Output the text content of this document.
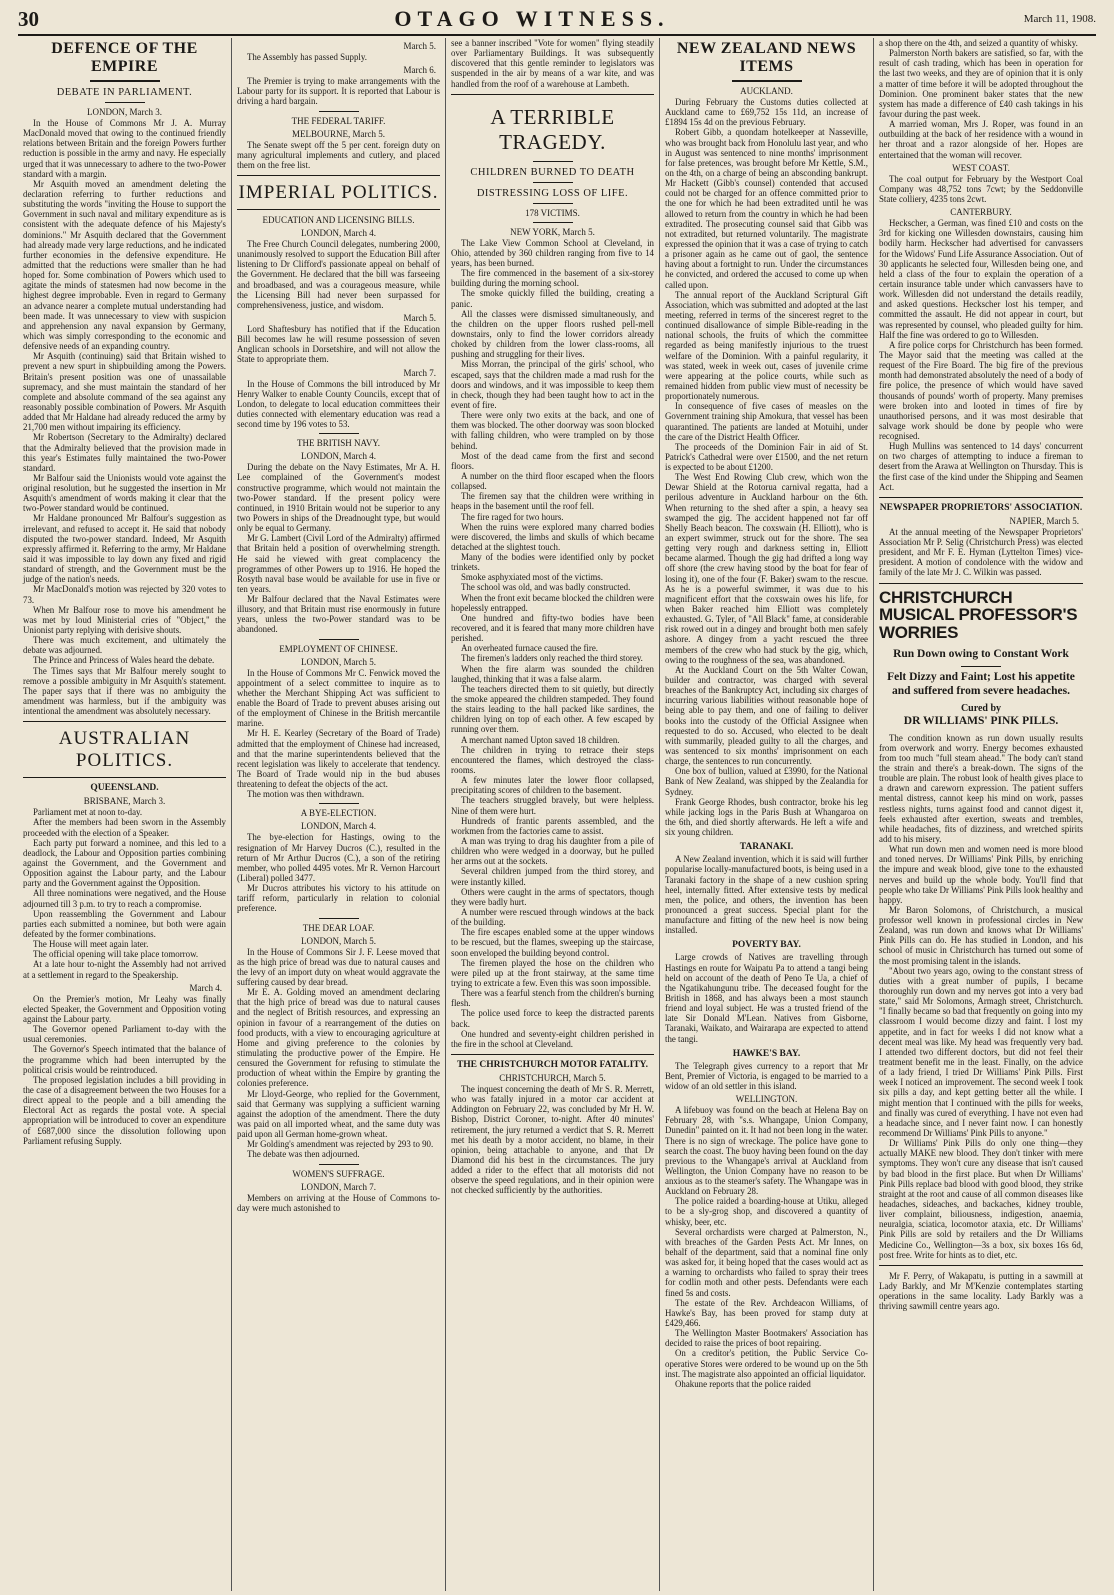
30	OTAGO WITNESS.	March 11, 1908.
DEFENCE OF THE EMPIRE
DEBATE IN PARLIAMENT.
LONDON, March 3.

In the House of Commons Mr J. A. Murray MacDonald moved that owing to the continued friendly relations between Britain and the foreign Powers further reduction is possible in the army and navy. He especially urged that it was unnecessary to adhere to the two-Power standard with a margin.

Mr Asquith moved an amendment deleting the declaration referring to further reductions and substituting the words "inviting the House to support the Government in such naval and military expenditure as is consistent with the adequate defence of his Majesty's dominions." Mr Asquith declared that the Government had already made very large reductions, and he indicated further economies in the defensive expenditure. He admitted that the reductions were smaller than he had hoped for. Some combination of Powers which used to agitate the minds of statesmen had now become in the highest degree improbable. Even in regard to Germany an advance nearer a complete mutual understanding had been made. It was unnecessary to view with suspicion and apprehension any naval expansion by Germany, which was simply corresponding to the economic and defensive needs of an expanding country.

Mr Asquith (continuing) said that Britain wished to prevent a new spurt in shipbuilding among the Powers. Britain's present position was one of unassailable supremacy, and she must maintain the standard of her complete and absolute command of the sea against any reasonably possible combination of Powers. Mr Asquith added that Mr Haldane had already reduced the army by 21,700 men without impairing its efficiency.

Mr Robertson (Secretary to the Admiralty) declared that the Admiralty believed that the provision made in this year's Estimates fully maintained the two-Power standard.

Mr Balfour said the Unionists would vote against the original resolution, but he suggested the insertion in Mr Asquith's amendment of words making it clear that the two-Power standard would be continued.

Mr Haldane pronounced Mr Balfour's suggestion as irrelevant, and refused to accept it. He said that nobody disputed the two-power standard. Indeed, Mr Asquith expressly affirmed it. Referring to the army, Mr Haldane said it was impossible to lay down any fixed and rigid standard of strength, and the Government must be the judge of the nation's needs.

Mr MacDonald's motion was rejected by 320 votes to 73.

When Mr Balfour rose to move his amendment he was met by loud Ministerial cries of "Object," the Unionist party replying with derisive shouts.

There was much excitement, and ultimately the debate was adjourned.

The Prince and Princess of Wales heard the debate.

The Times says that Mr Balfour merely sought to remove a possible ambiguity in Mr Asquith's statement. The paper says that if there was no ambiguity the amendment was harmless, but if the ambiguity was intentional the amendment was absolutely necessary.

AUSTRALIAN POLITICS.
QUEENSLAND.
BRISBANE, March 3.

Parliament met at noon to-day.

After the members had been sworn in the Assembly proceeded with the election of a Speaker.

Each party put forward a nominee, and this led to a deadlock, the Labour and Opposition parties combining against the Government, and the Government and Opposition against the Labour party, and the Labour party and the Government against the Opposition.

All three nominations were negatived, and the House adjourned till 3 p.m. to try to reach a compromise.

Upon reassembling the Government and Labour parties each submitted a nominee, but both were again defeated by the former combinations.

The House will meet again later.

The official opening will take place tomorrow.

At a late hour to-night the Assembly had not arrived at a settlement in regard to the Speakership.

March 4.

On the Premier's motion, Mr Leahy was finally elected Speaker, the Government and Opposition voting against the Labour party.

The Governor opened Parliament to-day with the usual ceremonies.

The Governor's Speech intimated that the balance of the programme which had been interrupted by the political crisis would be reintroduced.

The proposed legislation includes a bill providing in the case of a disagreement between the two Houses for a direct appeal to the people and a bill amending the Electoral Act as regards the postal vote. A special appropriation will be introduced to cover an expenditure of £687,000 since the dissolution following upon Parliament refusing Supply.

March 5.

The Assembly has passed Supply.

March 6.

The Premier is trying to make arrangements with the Labour party for its support. It is reported that Labour is driving a hard bargain.

THE FEDERAL TARIFF.
MELBOURNE, March 5.

The Senate swept off the 5 per cent. foreign duty on many agricultural implements and cutlery, and placed them on the free list.

IMPERIAL POLITICS.
EDUCATION AND LICENSING BILLS.
LONDON, March 4.

The Free Church Council delegates, numbering 2000, unanimously resolved to support the Education Bill after listening to Dr Clifford's passionate appeal on behalf of the Government. He declared that the bill was farseeing and broadbased, and was a courageous measure, while the Licensing Bill had never been surpassed for comprehensiveness, justice, and wisdom.

March 5.

Lord Shaftesbury has notified that if the Education Bill becomes law he will resume possession of seven Anglican schools in Dorsetshire, and will not allow the State to appropriate them.

March 7.

In the House of Commons the bill introduced by Mr Henry Walker to enable County Councils, except that of London, to delegate to local education committees their duties connected with elementary education was read a second time by 196 votes to 53.

THE BRITISH NAVY.
LONDON, March 4.

During the debate on the Navy Estimates, Mr A. H. Lee complained of the Government's modest constructive programme, which would not maintain the two-Power standard. If the present policy were continued, in 1910 Britain would not be superior to any two Powers in ships of the Dreadnought type, but would only be equal to Germany.

Mr G. Lambert (Civil Lord of the Admiralty) affirmed that Britain held a position of overwhelming strength. He said he viewed with great complacency the programmes of other Powers up to 1916. He hoped the Rosyth naval base would be available for use in five or ten years.

Mr Balfour declared that the Naval Estimates were illusory, and that Britain must rise enormously in future years, unless the two-Power standard was to be abandoned.

EMPLOYMENT OF CHINESE.
LONDON, March 5.

In the House of Commons Mr C. Fenwick moved the appointment of a select committee to inquire as to whether the Merchant Shipping Act was sufficient to enable the Board of Trade to prevent abuses arising out of the employment of Chinese in the British mercantile marine.

Mr H. E. Kearley (Secretary of the Board of Trade) admitted that the employment of Chinese had increased, and that the marine superintendents believed that the recent legislation was likely to accelerate that tendency. The Board of Trade would nip in the bud abuses threatening to defeat the objects of the act.

The motion was then withdrawn.

A BYE-ELECTION.
LONDON, March 4.

The bye-election for Hastings, owing to the resignation of Mr Harvey Ducros (C.), resulted in the return of Mr Arthur Ducros (C.), a son of the retiring member, who polled 4495 votes. Mr R. Vernon Harcourt (Liberal) polled 3477.

Mr Ducros attributes his victory to his attitude on tariff reform, particularly in relation to colonial preference.

THE DEAR LOAF.
LONDON, March 5.

In the House of Commons Sir J. F. Leese moved that as the high price of bread was due to natural causes and the levy of an import duty on wheat would aggravate the suffering caused by dear bread.

Mr E. A. Golding moved an amendment declaring that the high price of bread was due to natural causes and the neglect of British resources, and expressing an opinion in favour of a rearrangement of the duties on food products, with a view to encouraging agriculture at Home and giving preference to the colonies by stimulating the productive power of the Empire. He censured the Government for refusing to stimulate the production of wheat within the Empire by granting the colonies preference.

Mr Lloyd-George, who replied for the Government, said that Germany was supplying a sufficient warning against the adoption of the amendment. There the duty was paid on all imported wheat, and the same duty was paid upon all German home-grown wheat.

Mr Golding's amendment was rejected by 293 to 90.

The debate was then adjourned.

WOMEN'S SUFFRAGE.
LONDON, March 7.

Members on arriving at the House of Commons to-day were much astonished to

see a banner inscribed "Vote for women" flying steadily over Parliamentary Buildings. It was subsequently discovered that this gentle reminder to legislators was suspended in the air by means of a war kite, and was handled from the roof of a warehouse at Lambeth.

A TERRIBLE TRAGEDY.
CHILDREN BURNED TO DEATH
DISTRESSING LOSS OF LIFE.
178 VICTIMS.
NEW YORK, March 5.

The Lake View Common School at Cleveland, in Ohio, attended by 360 children ranging from five to 14 years, has been burned.

The fire commenced in the basement of a six-storey building during the morning school.

The smoke quickly filled the building, creating a panic.

All the classes were dismissed simultaneously, and the children on the upper floors rushed pell-mell downstairs, only to find the lower corridors already choked by children from the lower class-rooms, all pushing and struggling for their lives.

Miss Morran, the principal of the girls' school, who escaped, says that the children made a mad rush for the doors and windows, and it was impossible to keep them in check, though they had been taught how to act in the event of fire.

There were only two exits at the back, and one of them was blocked. The other doorway was soon blocked with falling children, who were trampled on by those behind.

Most of the dead came from the first and second floors.

A number on the third floor escaped when the floors collapsed.

The firemen say that the children were writhing in heaps in the basement until the roof fell.

The fire raged for two hours.

When the ruins were explored many charred bodies were discovered, the limbs and skulls of which became detached at the slightest touch.

Many of the bodies were identified only by pocket trinkets.

Smoke asphyxiated most of the victims.

The school was old, and was badly constructed.

When the front exit became blocked the children were hopelessly entrapped.

One hundred and fifty-two bodies have been recovered, and it is feared that many more children have perished.

An overheated furnace caused the fire.

The firemen's ladders only reached the third storey.

When the fire alarm was sounded the children laughed, thinking that it was a false alarm.

The teachers directed them to sit quietly, but directly the smoke appeared the children stampeded. They found the stairs leading to the hall packed like sardines, the children lying on top of each other. A few escaped by running over them.

A merchant named Upton saved 18 children.

The children in trying to retrace their steps encountered the flames, which destroyed the class-rooms.

A few minutes later the lower floor collapsed, precipitating scores of children to the basement.

The teachers struggled bravely, but were helpless. Nine of them were hurt.

Hundreds of frantic parents assembled, and the workmen from the factories came to assist.

A man was trying to drag his daughter from a pile of children who were wedged in a doorway, but he pulled her arms out at the sockets.

Several children jumped from the third storey, and were instantly killed.

Others were caught in the arms of spectators, though they were badly hurt.

A number were rescued through windows at the back of the building.

The fire escapes enabled some at the upper windows to be rescued, but the flames, sweeping up the staircase, soon enveloped the building beyond control.

The firemen played the hose on the children who were piled up at the front stairway, at the same time trying to extricate a few. Even this was soon impossible.

There was a fearful stench from the children's burning flesh.

The police used force to keep the distracted parents back.

One hundred and seventy-eight children perished in the fire in the school at Cleveland.

THE CHRISTCHURCH MOTOR FATALITY.
CHRISTCHURCH, March 5.

The inquest concerning the death of Mr S. R. Merrett, who was fatally injured in a motor car accident at Addington on February 22, was concluded by Mr H. W. Bishop, District Coroner, to-night. After 40 minutes' retirement, the jury returned a verdict that S. R. Merrett met his death by a motor accident, no blame, in their opinion, being attachable to anyone, and that Dr Diamond did his best in the circumstances. The jury added a rider to the effect that all motorists did not observe the speed regulations, and in their opinion were not checked sufficiently by the authorities.

NEW ZEALAND NEWS ITEMS
AUCKLAND.

During February the Customs duties collected at Auckland came to £69,752 15s 11d, an increase of £1894 15s 4d on the previous February.

Robert Gibb, a quondam hotelkeeper at Nasseville, who was brought back from Honolulu last year, and who in August was sentenced to nine months' imprisonment for false pretences, was brought before Mr Kettle, S.M., on the 4th, on a charge of being an absconding bankrupt. Mr Hackett (Gibb's counsel) contended that accused could not be charged for an offence committed prior to the one for which he had been extradited until he was allowed to return from the country in which he had been extradited. The prosecuting counsel said that Gibb was not extradited, but returned voluntarily. The magistrate expressed the opinion that it was a case of trying to catch a prisoner again as he came out of gaol, the sentence having about a fortnight to run. Under the circumstances he convicted, and ordered the accused to come up when called upon.

The annual report of the Auckland Scriptural Gift Association, which was submitted and adopted at the last meeting, referred in terms of the sincerest regret to the continued disallowance of simple Bible-reading in the national schools, the fruits of which the committee regarded as being manifestly injurious to the truest welfare of the Dominion. With a painful regularity, it was stated, week in week out, cases of juvenile crime were appearing at the police courts, while such as remained hidden from public view must of necessity be proportionately numerous.

In consequence of five cases of measles on the Government training ship Amokura, that vessel has been quarantined. The patients are landed at Motuihi, under the care of the District Health Officer.

The proceeds of the Dominion Fair in aid of St. Patrick's Cathedral were over £1500, and the net return is expected to be about £1200.

The West End Rowing Club crew, which won the Dewar Shield at the Rotorua carnival regatta, had a perilous adventure in Auckland harbour on the 6th. When returning to the shed after a spin, a heavy sea swamped the gig. The accident happened not far off Shelly Beach beacon. The coxswain (H. Elliott), who is an expert swimmer, struck out for the shore. The sea getting very rough and darkness setting in, Elliott became alarmed. Though the gig had drifted a long way off shore (the crew having stood by the boat for fear of losing it), one of the four (F. Baker) swam to the rescue. As he is a powerful swimmer, it was due to his magnificent effort that the coxswain owes his life, for when Baker reached him Elliott was completely exhausted. G. Tyler, of "All Black" fame, at considerable risk rowed out in a dingey and brought both men safely ashore. A dingey from a yacht rescued the three members of the crew who had stuck by the gig, which, owing to the roughness of the sea, was abandoned.

At the Auckland Court on the 5th Walter Cowan, builder and contractor, was charged with several breaches of the Bankruptcy Act, including six charges of incurring various liabilities without reasonable hope of being able to pay them, and one of failing to deliver books into the custody of the Official Assignee when requested to do so. Accused, who elected to be dealt with summarily, pleaded guilty to all the charges, and was sentenced to six months' imprisonment on each charge, the sentences to run concurrently.

One box of bullion, valued at £3990, for the National Bank of New Zealand, was shipped by the Zealandia for Sydney.

Frank George Rhodes, bush contractor, broke his leg while jacking logs in the Paris Bush at Whangaroa on the 6th, and died shortly afterwards. He left a wife and six young children.

TARANAKI.

A New Zealand invention, which it is said will further popularise locally-manufactured boots, is being used in a Taranaki factory in the shape of a new cushion spring heel, internally fitted. After extensive tests by medical men, the police, and others, the invention has been pronounced a great success. Special plant for the manufacture and fitting of the new heel is now being installed.

POVERTY BAY.

Large crowds of Natives are travelling through Hastings en route for Waipatu Pa to attend a tangi being held on account of the death of Peno Te Ua, a chief of the Ngatikahungunu tribe. The deceased fought for the British in 1868, and has always been a most staunch friend and loyal subject. He was a trusted friend of the late Sir Donald M'Lean. Natives from Gisborne, Taranaki, Waikato, and Wairarapa are expected to attend the tangi.

HAWKE'S BAY.

The Telegraph gives currency to a report that Mr Bent, Premier of Victoria, is engaged to be married to a widow of an old settler in this island.

WELLINGTON.

A lifebuoy was found on the beach at Helena Bay on February 28, with "s.s. Whangape, Union Company, Dunedin" painted on it. It had not been long in the water. There is no sign of wreckage. The police have gone to search the coast. The buoy having been found on the day previous to the Whangape's arrival at Auckland from Wellington, the Union Company have no reason to be anxious as to the steamer's safety. The Whangape was in Auckland on February 28.

The police raided a boarding-house at Utiku, alleged to be a sly-grog shop, and discovered a quantity of whisky, beer, etc.

Several orchardists were charged at Palmerston, N., with breaches of the Garden Pests Act. Mr Innes, on behalf of the department, said that a nominal fine only was asked for, it being hoped that the cases would act as a warning to orchardists who failed to spray their trees for codlin moth and other pests. Defendants were each fined 5s and costs.

The estate of the Rev. Archdeacon Williams, of Hawke's Bay, has been proved for stamp duty at £429,466.

The Wellington Master Bootmakers' Association has decided to raise the prices of boot repairing.

On a creditor's petition, the Public Service Co-operative Stores were ordered to be wound up on the 5th inst. The magistrate also appointed an official liquidator.

Ohakune reports that the police raided

a shop there on the 4th, and seized a quantity of whisky.

Palmerston North bakers are satisfied, so far, with the result of cash trading, which has been in operation for the last two weeks, and they are of opinion that it is only a matter of time before it will be adopted throughout the Dominion. One prominent baker states that the new system has made a difference of £40 cash takings in his favour during the past week.

A married woman, Mrs J. Roper, was found in an outbuilding at the back of her residence with a wound in her throat and a razor alongside of her. Hopes are entertained that the woman will recover.

WEST COAST.

The coal output for February by the Westport Coal Company was 48,752 tons 7cwt; by the Seddonville State colliery, 4235 tons 2cwt.

CANTERBURY.

Heckscher, a German, was fined £10 and costs on the 3rd for kicking one Willesden downstairs, causing him bodily harm. Heckscher had advertised for canvassers for the Widows' Fund Life Assurance Association. Out of 30 applicants he selected four, Willesden being one, and held a class of the four to explain the operation of a certain insurance table under which canvassers have to work. Willesden did not understand the details readily, and asked questions. Heckscher lost his temper, and committed the assault. He did not appear in court, but was represented by counsel, who pleaded guilty for him. Half the fine was ordered to go to Willesden.

A fire police corps for Christchurch has been formed. The Mayor said that the meeting was called at the request of the Fire Board. The big fire of the previous month had demonstrated absolutely the need of a body of fire police, the presence of which would have saved thousands of pounds' worth of property. Many premises were broken into and looted in times of fire by unauthorised persons, and it was most desirable that salvage work should be done by people who were recognised.

Hugh Mullins was sentenced to 14 days' concurrent on two charges of attempting to induce a fireman to desert from the Arawa at Wellington on Thursday. This is the first case of the kind under the Shipping and Seamen Act.

NEWSPAPER PROPRIETORS' ASSOCIATION.
NAPIER, March 5.

At the annual meeting of the Newspaper Proprietors' Association Mr P. Selig (Christchurch Press) was elected president, and Mr F. E. Hyman (Lyttelton Times) vice-president. A motion of condolence with the widow and family of the late Mr J. C. Wilkin was passed.

CHRISTCHURCH MUSICAL PROFESSOR'S WORRIES
Run Down owing to Constant Work
Felt Dizzy and Faint; Lost his appetite and suffered from severe headaches.
Cured by
DR WILLIAMS' PINK PILLS.

The condition known as run down usually results from overwork and worry. Energy becomes exhausted from too much "full steam ahead." The body can't stand the strain and there's a break-down. The signs of the trouble are plain. The robust look of health gives place to a drawn and careworn expression. The patient suffers mental distress, cannot keep his mind on work, passes restless nights, turns against food and cannot digest it, feels exhausted after exertion, sweats and trembles, while headaches, fits of dizziness, and wretched spirits add to his misery.

What run down men and women need is more blood and toned nerves. Dr Williams' Pink Pills, by enriching the impure and weak blood, give tone to the exhausted nerves and build up the whole body. You'll find that people who take Dr Williams' Pink Pills look healthy and happy.

Mr Baron Solomons, of Christchurch, a musical professor well known in professional circles in New Zealand, was run down and knows what Dr Williams' Pink Pills can do. He has studied in London, and his school of music in Christchurch has turned out some of the most promising talent in the islands.

"About two years ago, owing to the constant stress of duties with a great number of pupils, I became thoroughly run down and my nerves got into a very bad state," said Mr Solomons, Armagh street, Christchurch. "I finally became so bad that frequently on going into my classroom I would become dizzy and faint. I lost my appetite, and in fact for weeks I did not know what a decent meal was like. My head was frequently very bad. I attended two different doctors, but did not feel their treatment benefit me in the least. Finally, on the advice of a lady friend, I tried Dr Williams' Pink Pills. First week I noticed an improvement. The second week I took six pills a day, and kept getting better all the while. I might mention that I continued with the pills for weeks, and finally was cured of everything. I have not even had a headache since, and I never faint now. I can honestly recommend Dr Williams' Pink Pills to anyone."

Dr Williams' Pink Pills do only one thing—they actually MAKE new blood. They don't tinker with mere symptoms. They won't cure any disease that isn't caused by bad blood in the first place. But when Dr Williams' Pink Pills replace bad blood with good blood, they strike straight at the root and cause of all common diseases like headaches, sideaches, and backaches, kidney trouble, liver complaint, biliousness, indigestion, anaemia, neuralgia, sciatica, locomotor ataxia, etc. Dr Williams' Pink Pills are sold by retailers and the Dr Williams Medicine Co., Wellington—3s a box, six boxes 16s 6d, post free. Write for hints as to diet, etc.

Mr F. Perry, of Wakapatu, is putting in a sawmill at Lady Barkly, and Mr M'Kenzie contemplates starting operations in the same locality. Lady Barkly was a thriving sawmill centre years ago.
